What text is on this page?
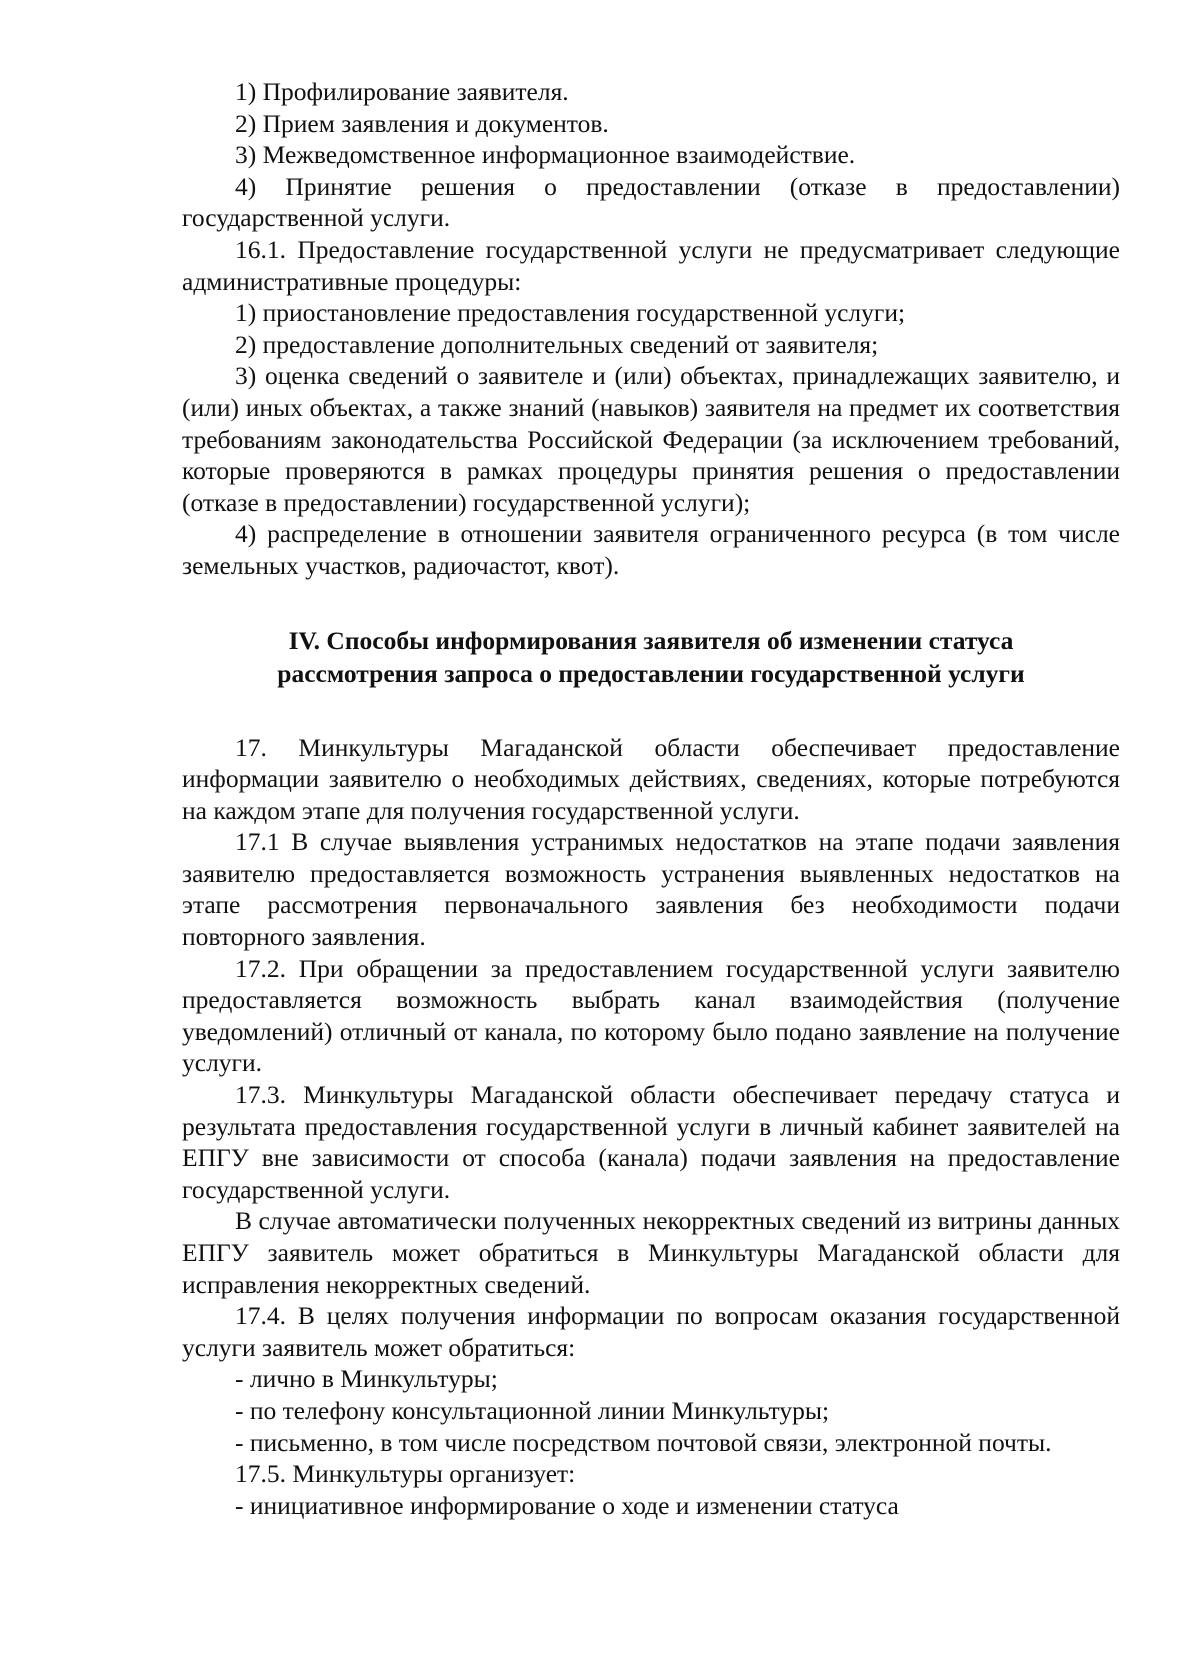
1) Профилирование заявителя.

2) Прием заявления и документов.

3) Межведомственное информационное взаимодействие.

4) Принятие решения о предоставлении (отказе в предоставлении) государственной услуги.

16.1. Предоставление государственной услуги не предусматривает следующие административные процедуры:

1) приостановление предоставления государственной услуги;

2) предоставление дополнительных сведений от заявителя;

3) оценка сведений о заявителе и (или) объектах, принадлежащих заявителю, и (или) иных объектах, а также знаний (навыков) заявителя на предмет их соответствия требованиям законодательства Российской Федерации (за исключением требований, которые проверяются в рамках процедуры принятия решения о предоставлении (отказе в предоставлении) государственной услуги);

4) распределение в отношении заявителя ограниченного ресурса (в том числе земельных участков, радиочастот, квот).

IV. Способы информирования заявителя об изменении статуса
рассмотрения запроса о предоставлении государственной услуги

17. Минкультуры Магаданской области обеспечивает предоставление информации заявителю о необходимых действиях, сведениях, которые потребуются на каждом этапе для получения государственной услуги.

17.1 В случае выявления устранимых недостатков на этапе подачи заявления заявителю предоставляется возможность устранения выявленных недостатков на этапе рассмотрения первоначального заявления без необходимости подачи повторного заявления.

17.2. При обращении за предоставлением государственной услуги заявителю предоставляется возможность выбрать канал взаимодействия (получение уведомлений) отличный от канала, по которому было подано заявление на получение услуги.

17.3. Минкультуры Магаданской области обеспечивает передачу статуса и результата предоставления государственной услуги в личный кабинет заявителей на ЕПГУ вне зависимости от способа (канала) подачи заявления на предоставление государственной услуги.

В случае автоматически полученных некорректных сведений из витрины данных ЕПГУ заявитель может обратиться в Минкультуры Магаданской области для исправления некорректных сведений.

17.4. В целях получения информации по вопросам оказания государственной услуги заявитель может обратиться:

- лично в Минкультуры;

- по телефону консультационной линии Минкультуры;

- письменно, в том числе посредством почтовой связи, электронной почты.

17.5. Минкультуры организует:

- инициативное информирование о ходе и изменении статуса
